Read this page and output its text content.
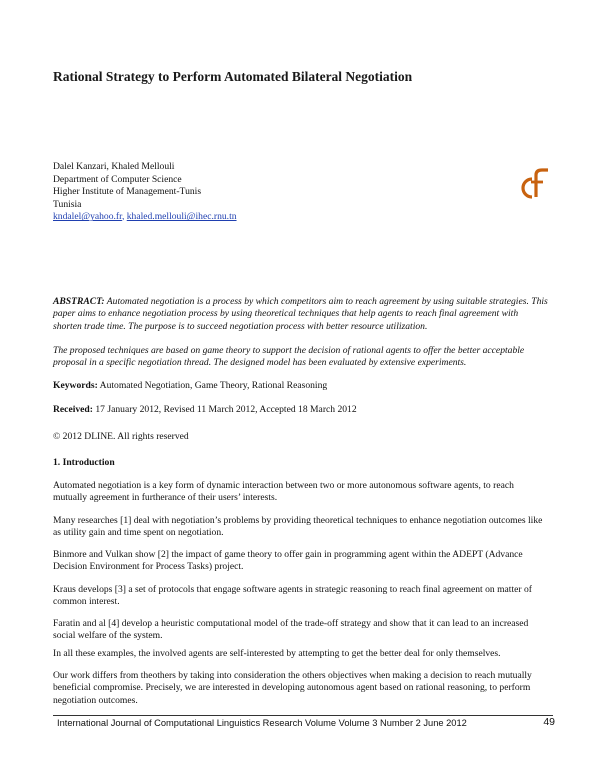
Rational Strategy to Perform Automated Bilateral Negotiation
Dalel Kanzari, Khaled Mellouli
Department of Computer Science
Higher Institute of Management-Tunis
Tunisia
kndalel@yahoo.fr, khaled.mellouli@ihec.rnu.tn
ABSTRACT: Automated negotiation is a process by which competitors aim to reach agreement by using suitable strategies. This paper aims to enhance negotiation process by using theoretical techniques that help agents to reach final agreement with shorten trade time. The purpose is to succeed negotiation process with better resource utilization.
The proposed techniques are based on game theory to support the decision of rational agents to offer the better acceptable proposal in a specific negotiation thread. The designed model has been evaluated by extensive experiments.
Keywords: Automated Negotiation, Game Theory, Rational Reasoning
Received: 17 January 2012, Revised 11 March 2012, Accepted 18 March 2012
© 2012 DLINE. All rights reserved
1. Introduction
Automated negotiation is a key form of dynamic interaction between two or more autonomous software agents, to reach mutually agreement in furtherance of their users’ interests.
Many researches [1] deal with negotiation’s problems by providing theoretical techniques to enhance negotiation outcomes like as utility gain and time spent on negotiation.
Binmore and Vulkan show [2] the impact of game theory to offer gain in programming agent within the ADEPT (Advance Decision Environment for Process Tasks) project.
Kraus develops [3] a set of protocols that engage software agents in strategic reasoning to reach final agreement on matter of common interest.
Faratin and al [4] develop a heuristic computational model of the trade-off strategy and show that it can lead to an increased social welfare of the system.
In all these examples, the involved agents are self-interested by attempting to get the better deal for only themselves.
Our work differs from theothers by taking into consideration the others objectives when making a decision to reach mutually beneficial compromise. Precisely, we are interested in developing autonomous agent based on rational reasoning, to perform negotiation outcomes.
International Journal of Computational Linguistics Research Volume Volume 3 Number 2 June 2012	49
